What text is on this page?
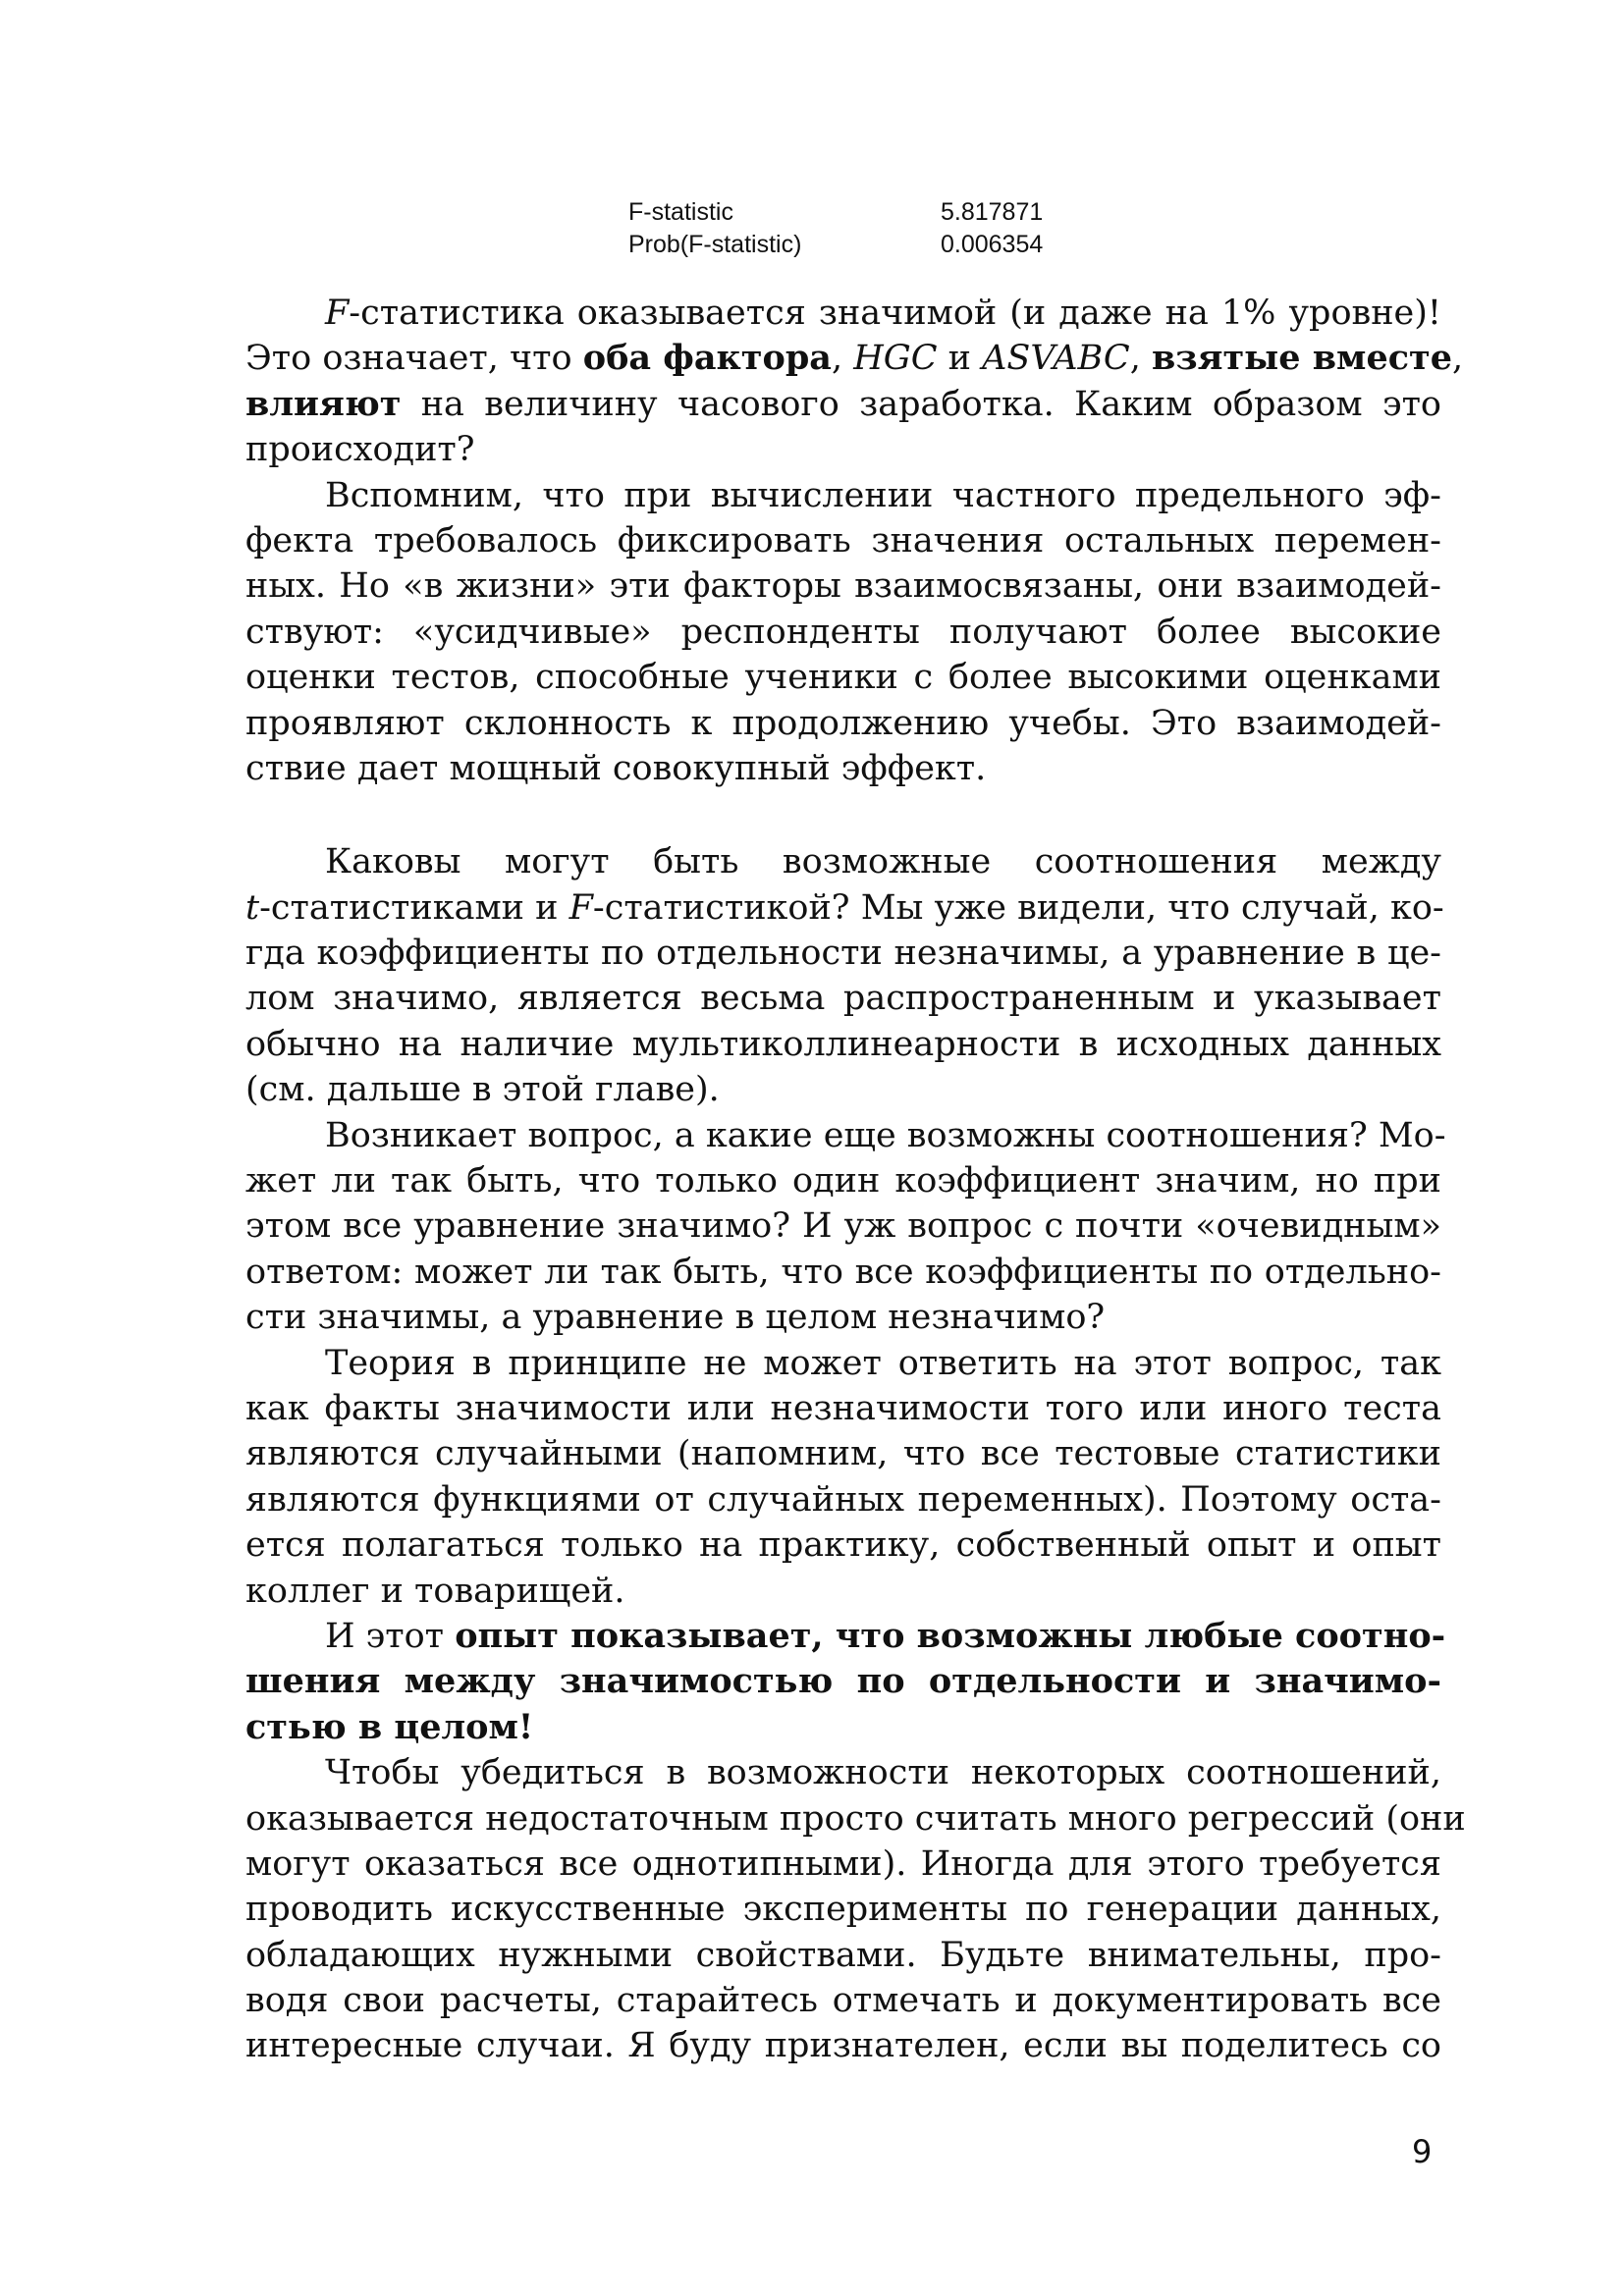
F-statistic	5.817871
Prob(F-statistic)	0.006354
F-статистика оказывается значимой (и даже на 1% уровне)!
Это означает, что оба фактора, HGC и ASVABC, взятые вместе,
влияют на величину часового заработка. Каким образом это
происходит?
Вспомним, что при вычислении частного предельного эф-
фекта требовалось фиксировать значения остальных перемен-
ных. Но «в жизни» эти факторы взаимосвязаны, они взаимодей-
ствуют: «усидчивые» респонденты получают более высокие
оценки тестов, способные ученики с более высокими оценками
проявляют склонность к продолжению учебы. Это взаимодей-
ствие дает мощный совокупный эффект.
Каковы могут быть возможные соотношения между
t-статистиками и F-статистикой? Мы уже видели, что случай, ко-
гда коэффициенты по отдельности незначимы, а уравнение в це-
лом значимо, является весьма распространенным и указывает
обычно на наличие мультиколлинеарности в исходных данных
(см. дальше в этой главе).
Возникает вопрос, а какие еще возможны соотношения? Мо-
жет ли так быть, что только один коэффициент значим, но при
этом все уравнение значимо? И уж вопрос с почти «очевидным»
ответом: может ли так быть, что все коэффициенты по отдельно-
сти значимы, а уравнение в целом незначимо?
Теория в принципе не может ответить на этот вопрос, так
как факты значимости или незначимости того или иного теста
являются случайными (напомним, что все тестовые статистики
являются функциями от случайных переменных). Поэтому оста-
ется полагаться только на практику, собственный опыт и опыт
коллег и товарищей.
И этот опыт показывает, что возможны любые соотно-
шения между значимостью по отдельности и значимо-
стью в целом!
Чтобы убедиться в возможности некоторых соотношений,
оказывается недостаточным просто считать много регрессий (они
могут оказаться все однотипными). Иногда для этого требуется
проводить искусственные эксперименты по генерации данных,
обладающих нужными свойствами. Будьте внимательны, про-
водя свои расчеты, старайтесь отмечать и документировать все
интересные случаи. Я буду признателен, если вы поделитесь со
9
